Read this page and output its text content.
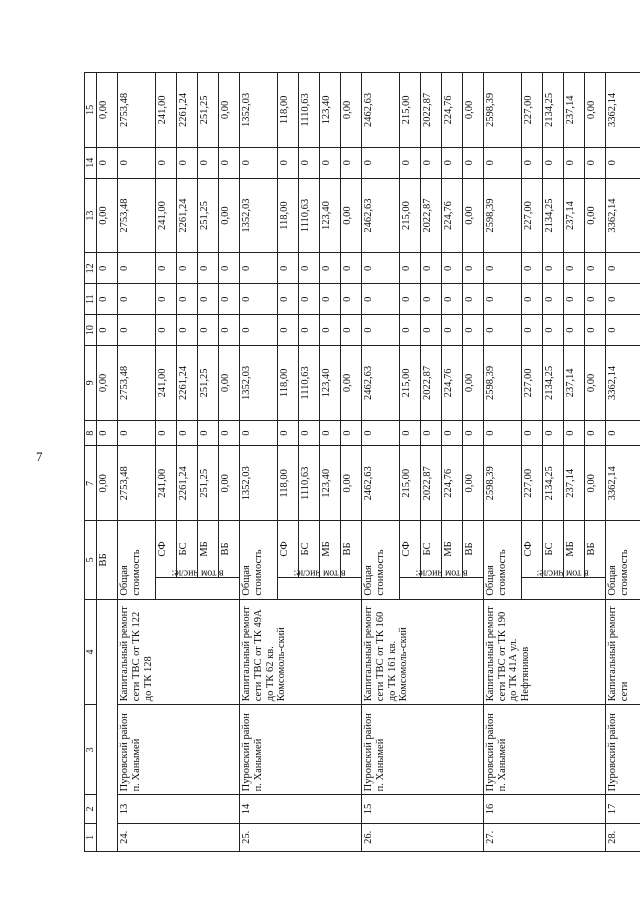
7
1	2	3	4	5		7	8	9	10	11	12	13	14	15
				ВБ		0,00	0	0,00	0	0	0	0,00	0	0,00
24.	13	Пуровский район п. Ханымей	Капитальный ремонт сети ТВС от ТК 122 до ТК 128	Общая стоимость		2753,48	0	2753,48	0	0	0	2753,48	0	2753,48
				в том числе:	СФ	241,00	0	241,00	0	0	0	241,00	0	241,00
					БС	2261,24	0	2261,24	0	0	0	2261,24	0	2261,24
					МБ	251,25	0	251,25	0	0	0	251,25	0	251,25
					ВБ	0,00	0	0,00	0	0	0	0,00	0	0,00
25.	14	Пуровский район п. Ханымей	Капитальный ремонт сети ТВС от ТК 49А до ТК 62 кв. Комсомоль-ский	Общая стоимость		1352,03	0	1352,03	0	0	0	1352,03	0	1352,03
				в том числе:	СФ	118,00	0	118,00	0	0	0	118,00	0	118,00
					БС	1110,63	0	1110,63	0	0	0	1110,63	0	1110,63
					МБ	123,40	0	123,40	0	0	0	123,40	0	123,40
					ВБ	0,00	0	0,00	0	0	0	0,00	0	0,00
26.	15	Пуровский район п. Ханымей	Капитальный ремонт сети ТВС от ТК 160 до ТК 161 кв. Комсомоль-ский	Общая стоимость		2462,63	0	2462,63	0	0	0	2462,63	0	2462,63
				в том числе:	СФ	215,00	0	215,00	0	0	0	215,00	0	215,00
					БС	2022,87	0	2022,87	0	0	0	2022,87	0	2022,87
					МБ	224,76	0	224,76	0	0	0	224,76	0	224,76
					ВБ	0,00	0	0,00	0	0	0	0,00	0	0,00
27.	16	Пуровский район п. Ханымей	Капитальный ремонт сети ТВС от ТК 190 до ТК 41А ул. Нефтяников	Общая стоимость		2598,39	0	2598,39	0	0	0	2598,39	0	2598,39
				в том числе:	СФ	227,00	0	227,00	0	0	0	227,00	0	227,00
					БС	2134,25	0	2134,25	0	0	0	2134,25	0	2134,25
					МБ	237,14	0	237,14	0	0	0	237,14	0	237,14
					ВБ	0,00	0	0,00	0	0	0	0,00	0	0,00
28.	17	Пуровский район	Капитальный ремонт сети	Общая стоимость		3362,14	0	3362,14	0	0	0	3362,14	0	3362,14
